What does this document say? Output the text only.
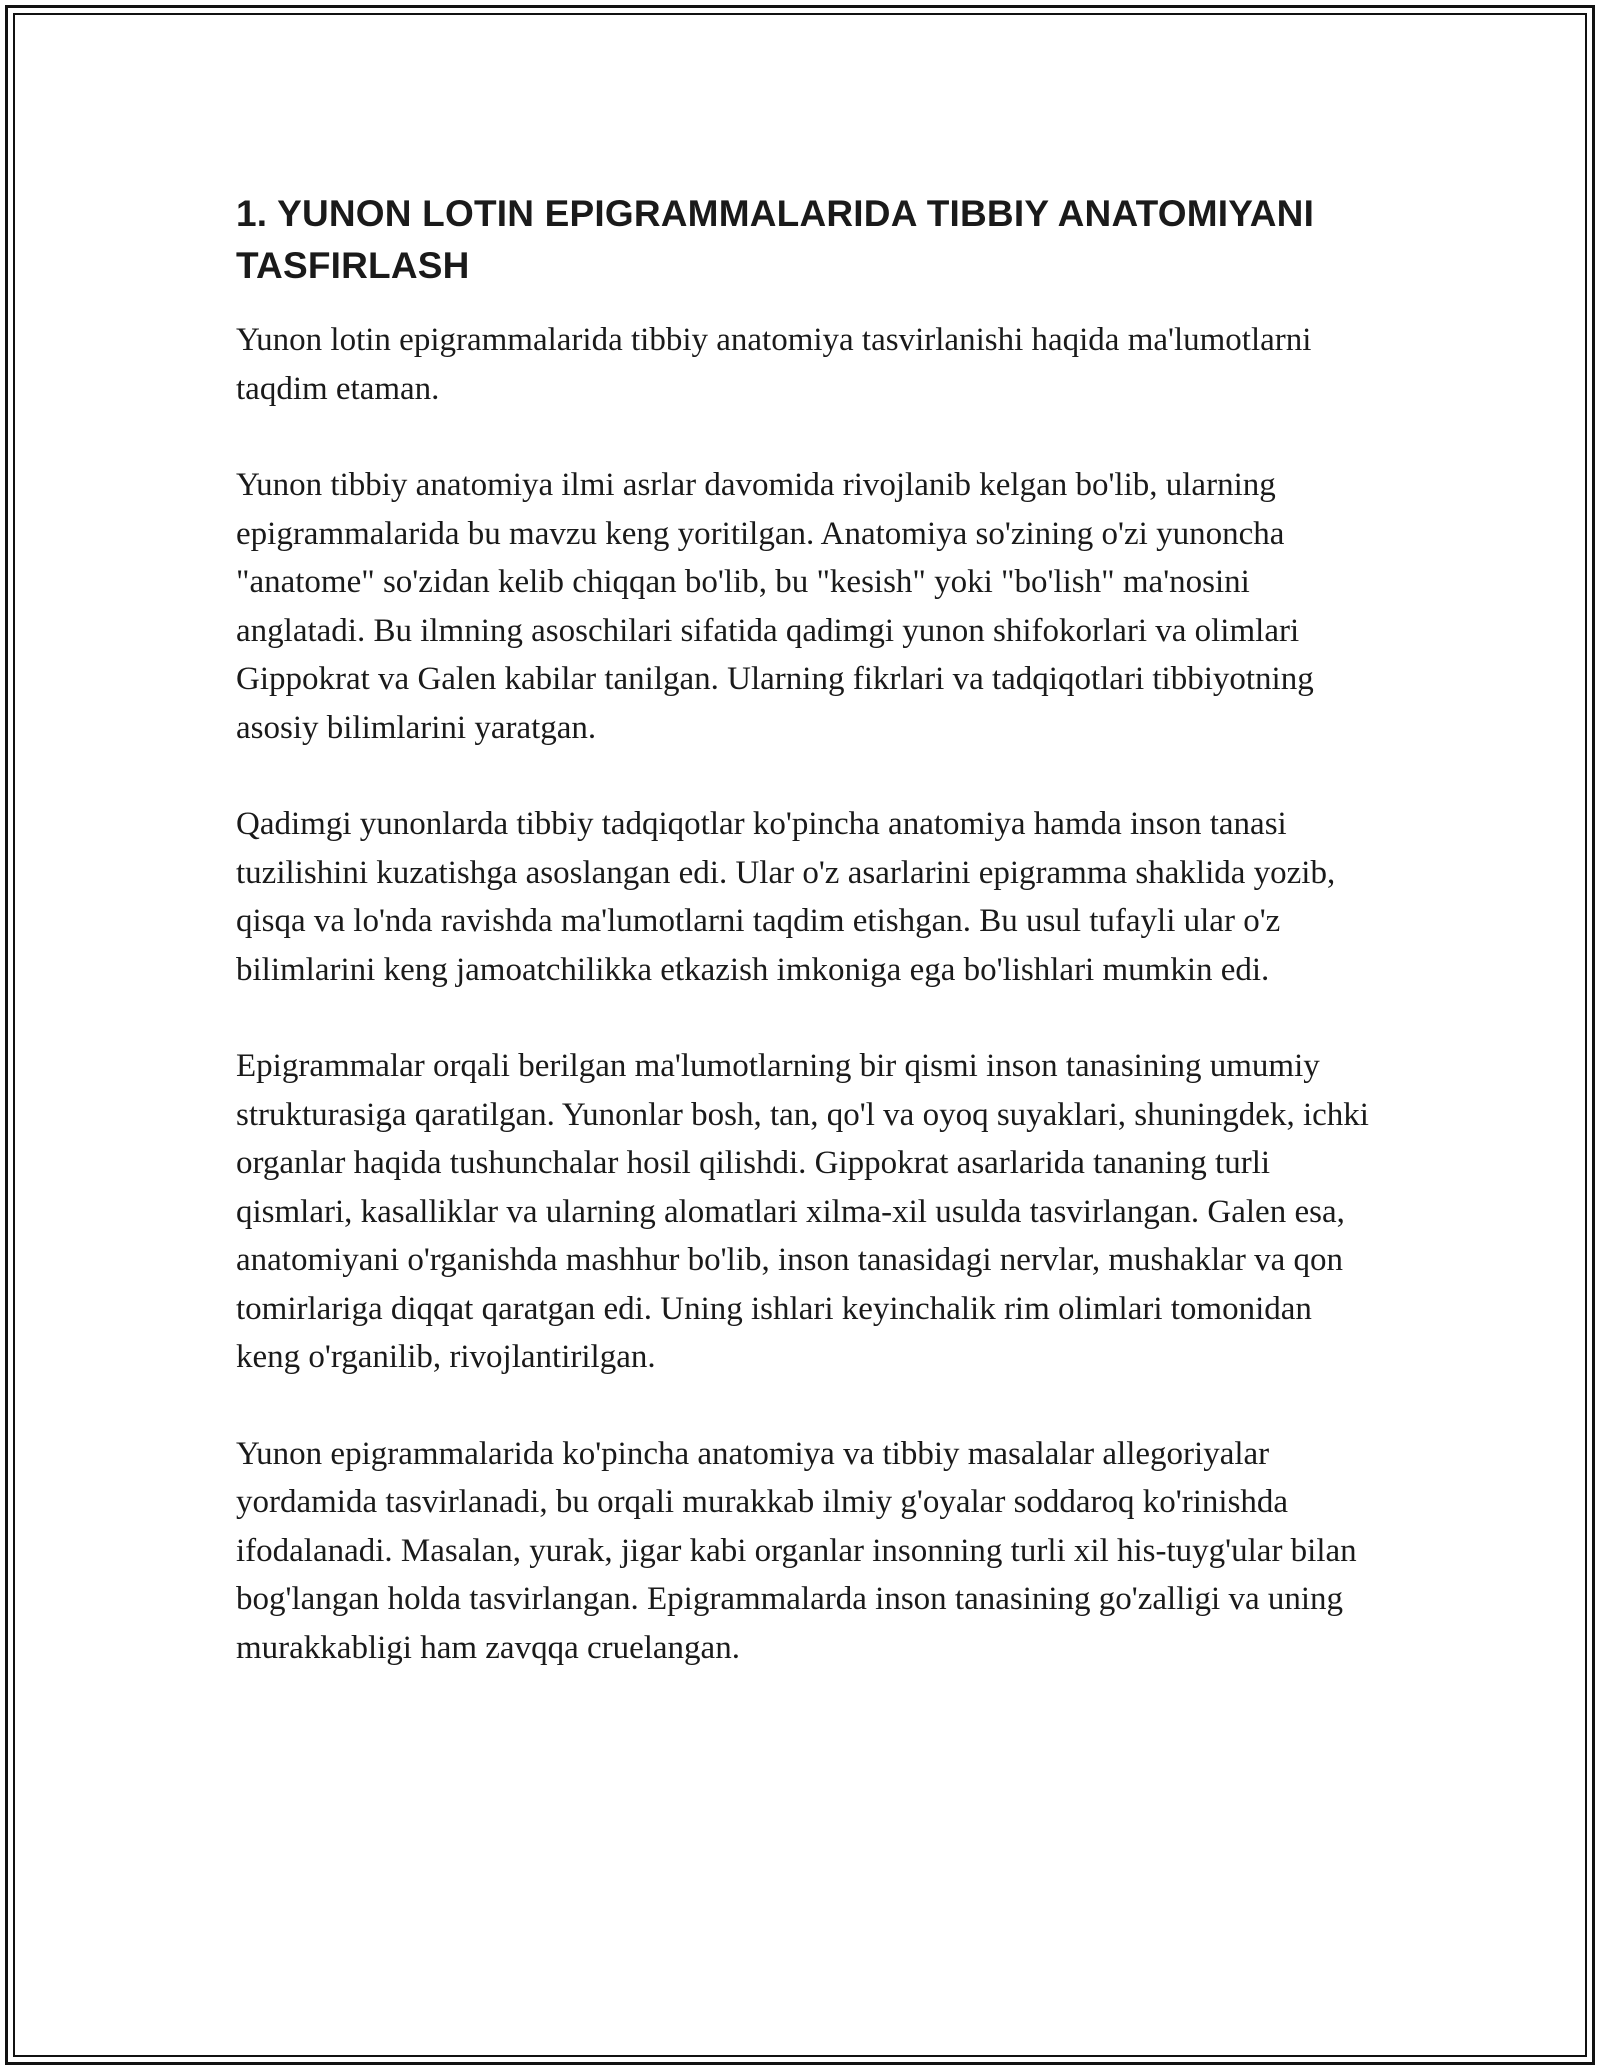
1. YUNON LOTIN EPIGRAMMALARIDA TIBBIY ANATOMIYANI TASFIRLASH

Yunon lotin epigrammalarida tibbiy anatomiya tasvirlanishi haqida ma'lumotlarni taqdim etaman.

Yunon tibbiy anatomiya ilmi asrlar davomida rivojlanib kelgan bo'lib, ularning epigrammalarida bu mavzu keng yoritilgan. Anatomiya so'zining o'zi yunoncha "anatome" so'zidan kelib chiqqan bo'lib, bu "kesish" yoki "bo'lish" ma'nosini anglatadi. Bu ilmning asoschilari sifatida qadimgi yunon shifokorlari va olimlari Gippokrat va Galen kabilar tanilgan. Ularning fikrlari va tadqiqotlari tibbiyotning asosiy bilimlarini yaratgan.

Qadimgi yunonlarda tibbiy tadqiqotlar ko'pincha anatomiya hamda inson tanasi tuzilishini kuzatishga asoslangan edi. Ular o'z asarlarini epigramma shaklida yozib, qisqa va lo'nda ravishda ma'lumotlarni taqdim etishgan. Bu usul tufayli ular o'z bilimlarini keng jamoatchilikka etkazish imkoniga ega bo'lishlari mumkin edi.

Epigrammalar orqali berilgan ma'lumotlarning bir qismi inson tanasining umumiy strukturasiga qaratilgan. Yunonlar bosh, tan, qo'l va oyoq suyaklari, shuningdek, ichki organlar haqida tushunchalar hosil qilishdi. Gippokrat asarlarida tananing turli qismlari, kasalliklar va ularning alomatlari xilma-xil usulda tasvirlangan. Galen esa, anatomiyani o'rganishda mashhur bo'lib, inson tanasidagi nervlar, mushaklar va qon tomirlariga diqqat qaratgan edi. Uning ishlari keyinchalik rim olimlari tomonidan keng o'rganilib, rivojlantirilgan.

Yunon epigrammalarida ko'pincha anatomiya va tibbiy masalalar allegoriyalar yordamida tasvirlanadi, bu orqali murakkab ilmiy g'oyalar soddaroq ko'rinishda ifodalanadi. Masalan, yurak, jigar kabi organlar insonning turli xil his-tuyg'ular bilan bog'langan holda tasvirlangan. Epigrammalarda inson tanasining go'zalligi va uning murakkabligi ham zavqqa cruelangan.
